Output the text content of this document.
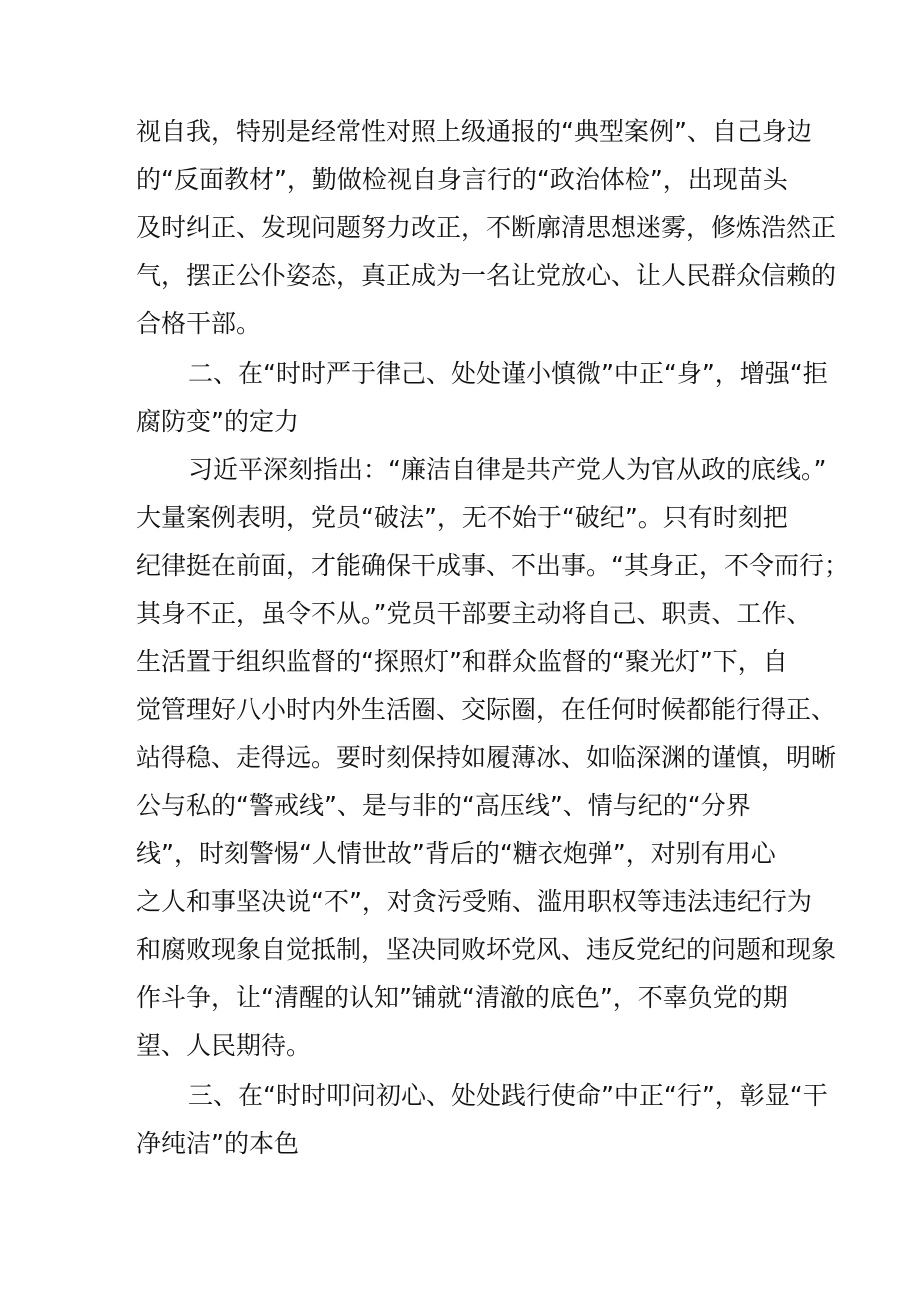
视自我，特别是经常性对照上级通报的“典型案例”、自己身边
的“反面教材”，勤做检视自身言行的“政治体检”，出现苗头
及时纠正、发现问题努力改正，不断廓清思想迷雾，修炼浩然正
气，摆正公仆姿态，真正成为一名让党放心、让人民群众信赖的
合格干部。
二、在“时时严于律己、处处谨小慎微”中正“身”，增强“拒
腐防变”的定力
习近平深刻指出：“廉洁自律是共产党人为官从政的底线。”
大量案例表明，党员“破法”，无不始于“破纪”。只有时刻把
纪律挺在前面，才能确保干成事、不出事。“其身正，不令而行；
其身不正，虽令不从。”党员干部要主动将自己、职责、工作、
生活置于组织监督的“探照灯”和群众监督的“聚光灯”下，自
觉管理好八小时内外生活圈、交际圈，在任何时候都能行得正、
站得稳、走得远。要时刻保持如履薄冰、如临深渊的谨慎，明晰
公与私的“警戒线”、是与非的“高压线”、情与纪的“分界
线”，时刻警惕“人情世故”背后的“糖衣炮弹”，对别有用心
之人和事坚决说“不”，对贪污受贿、滥用职权等违法违纪行为
和腐败现象自觉抵制，坚决同败坏党风、违反党纪的问题和现象
作斗争，让“清醒的认知”铺就“清澈的底色”，不辜负党的期
望、人民期待。
三、在“时时叩问初心、处处践行使命”中正“行”，彰显“干
净纯洁”的本色
